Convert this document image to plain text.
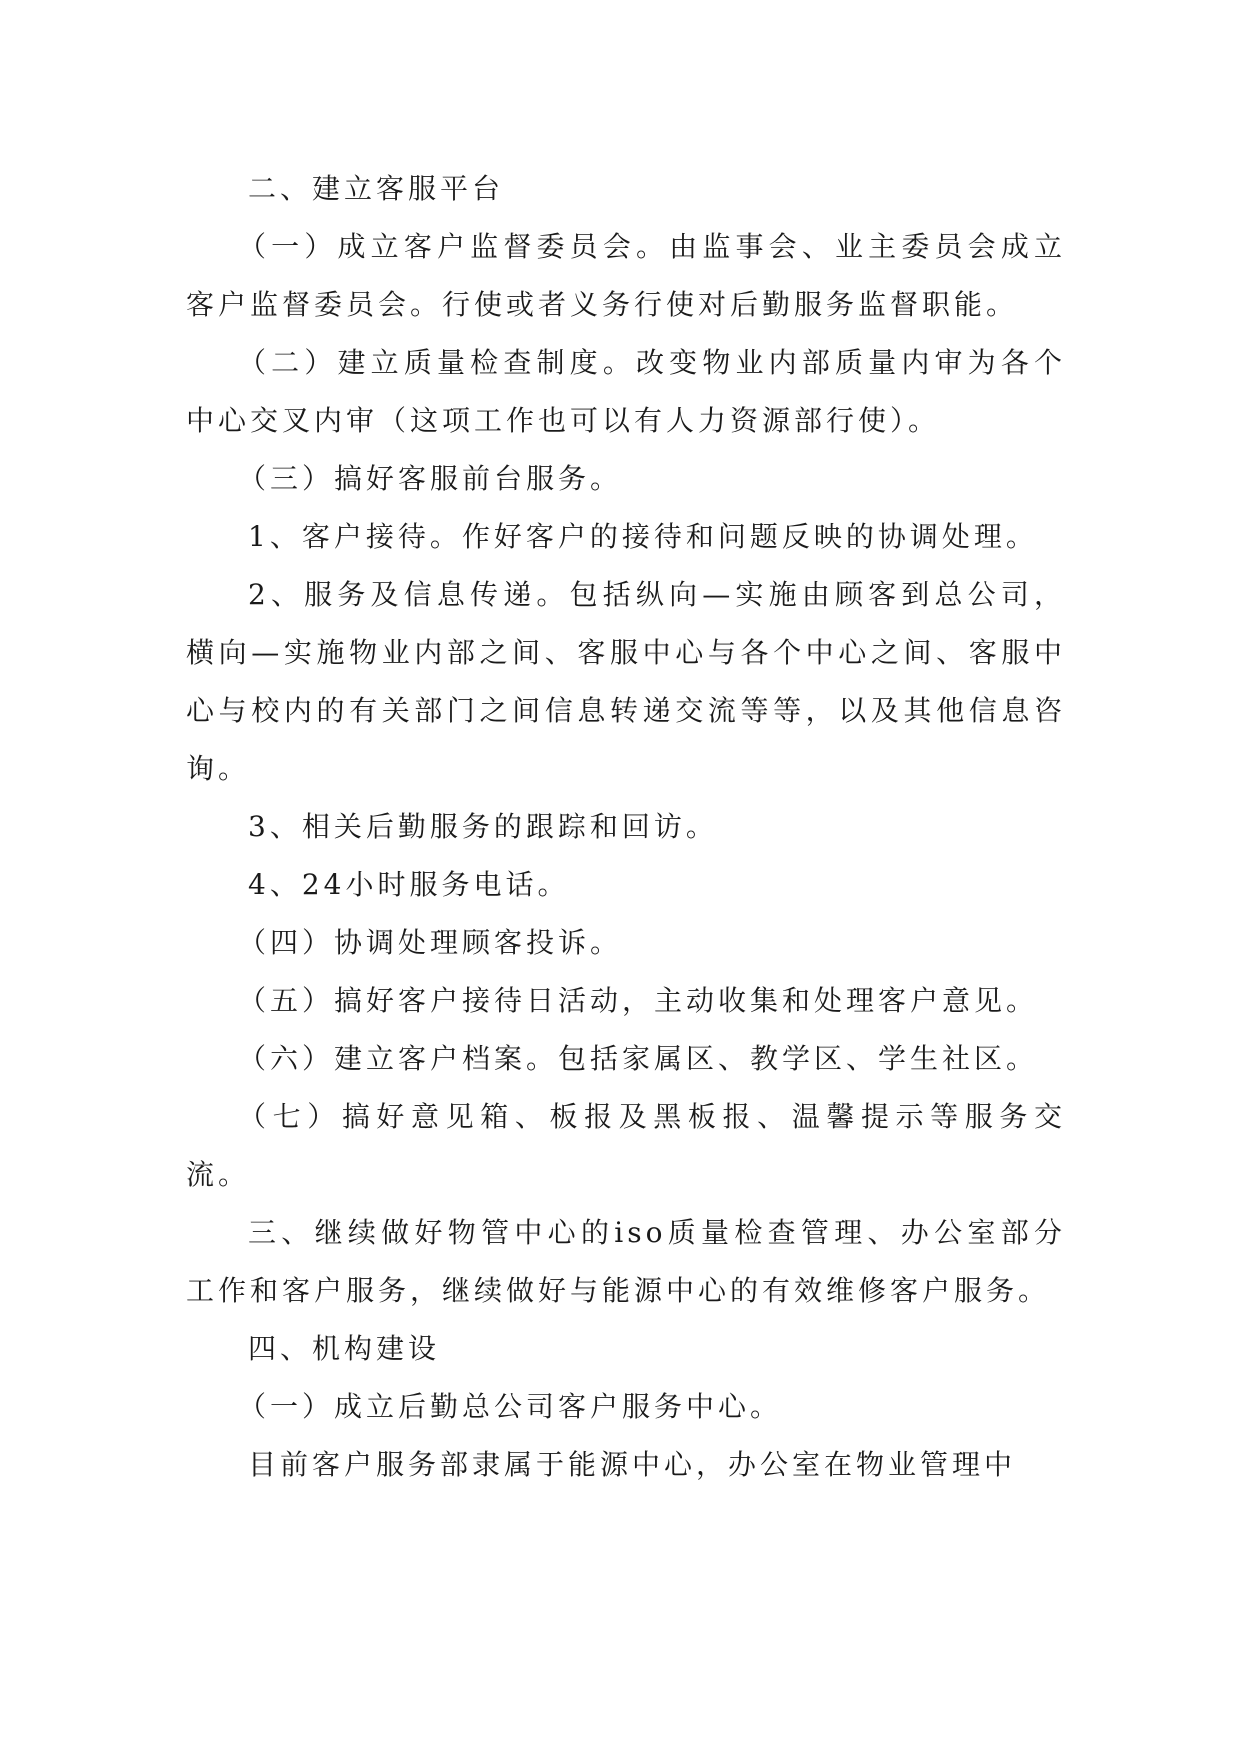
二、建立客服平台

（一）成立客户监督委员会。由监事会、业主委员会成立客户监督委员会。行使或者义务行使对后勤服务监督职能。

（二）建立质量检查制度。改变物业内部质量内审为各个中心交叉内审（这项工作也可以有人力资源部行使）。

（三）搞好客服前台服务。

1、客户接待。作好客户的接待和问题反映的协调处理。

2、服务及信息传递。包括纵向—实施由顾客到总公司，横向—实施物业内部之间、客服中心与各个中心之间、客服中心与校内的有关部门之间信息转递交流等等，以及其他信息咨询。

3、相关后勤服务的跟踪和回访。

4、24小时服务电话。

（四）协调处理顾客投诉。

（五）搞好客户接待日活动，主动收集和处理客户意见。

（六）建立客户档案。包括家属区、教学区、学生社区。

（七）搞好意见箱、板报及黑板报、温馨提示等服务交流。

三、继续做好物管中心的iso质量检查管理、办公室部分工作和客户服务，继续做好与能源中心的有效维修客户服务。

四、机构建设

（一）成立后勤总公司客户服务中心。

目前客户服务部隶属于能源中心，办公室在物业管理中
